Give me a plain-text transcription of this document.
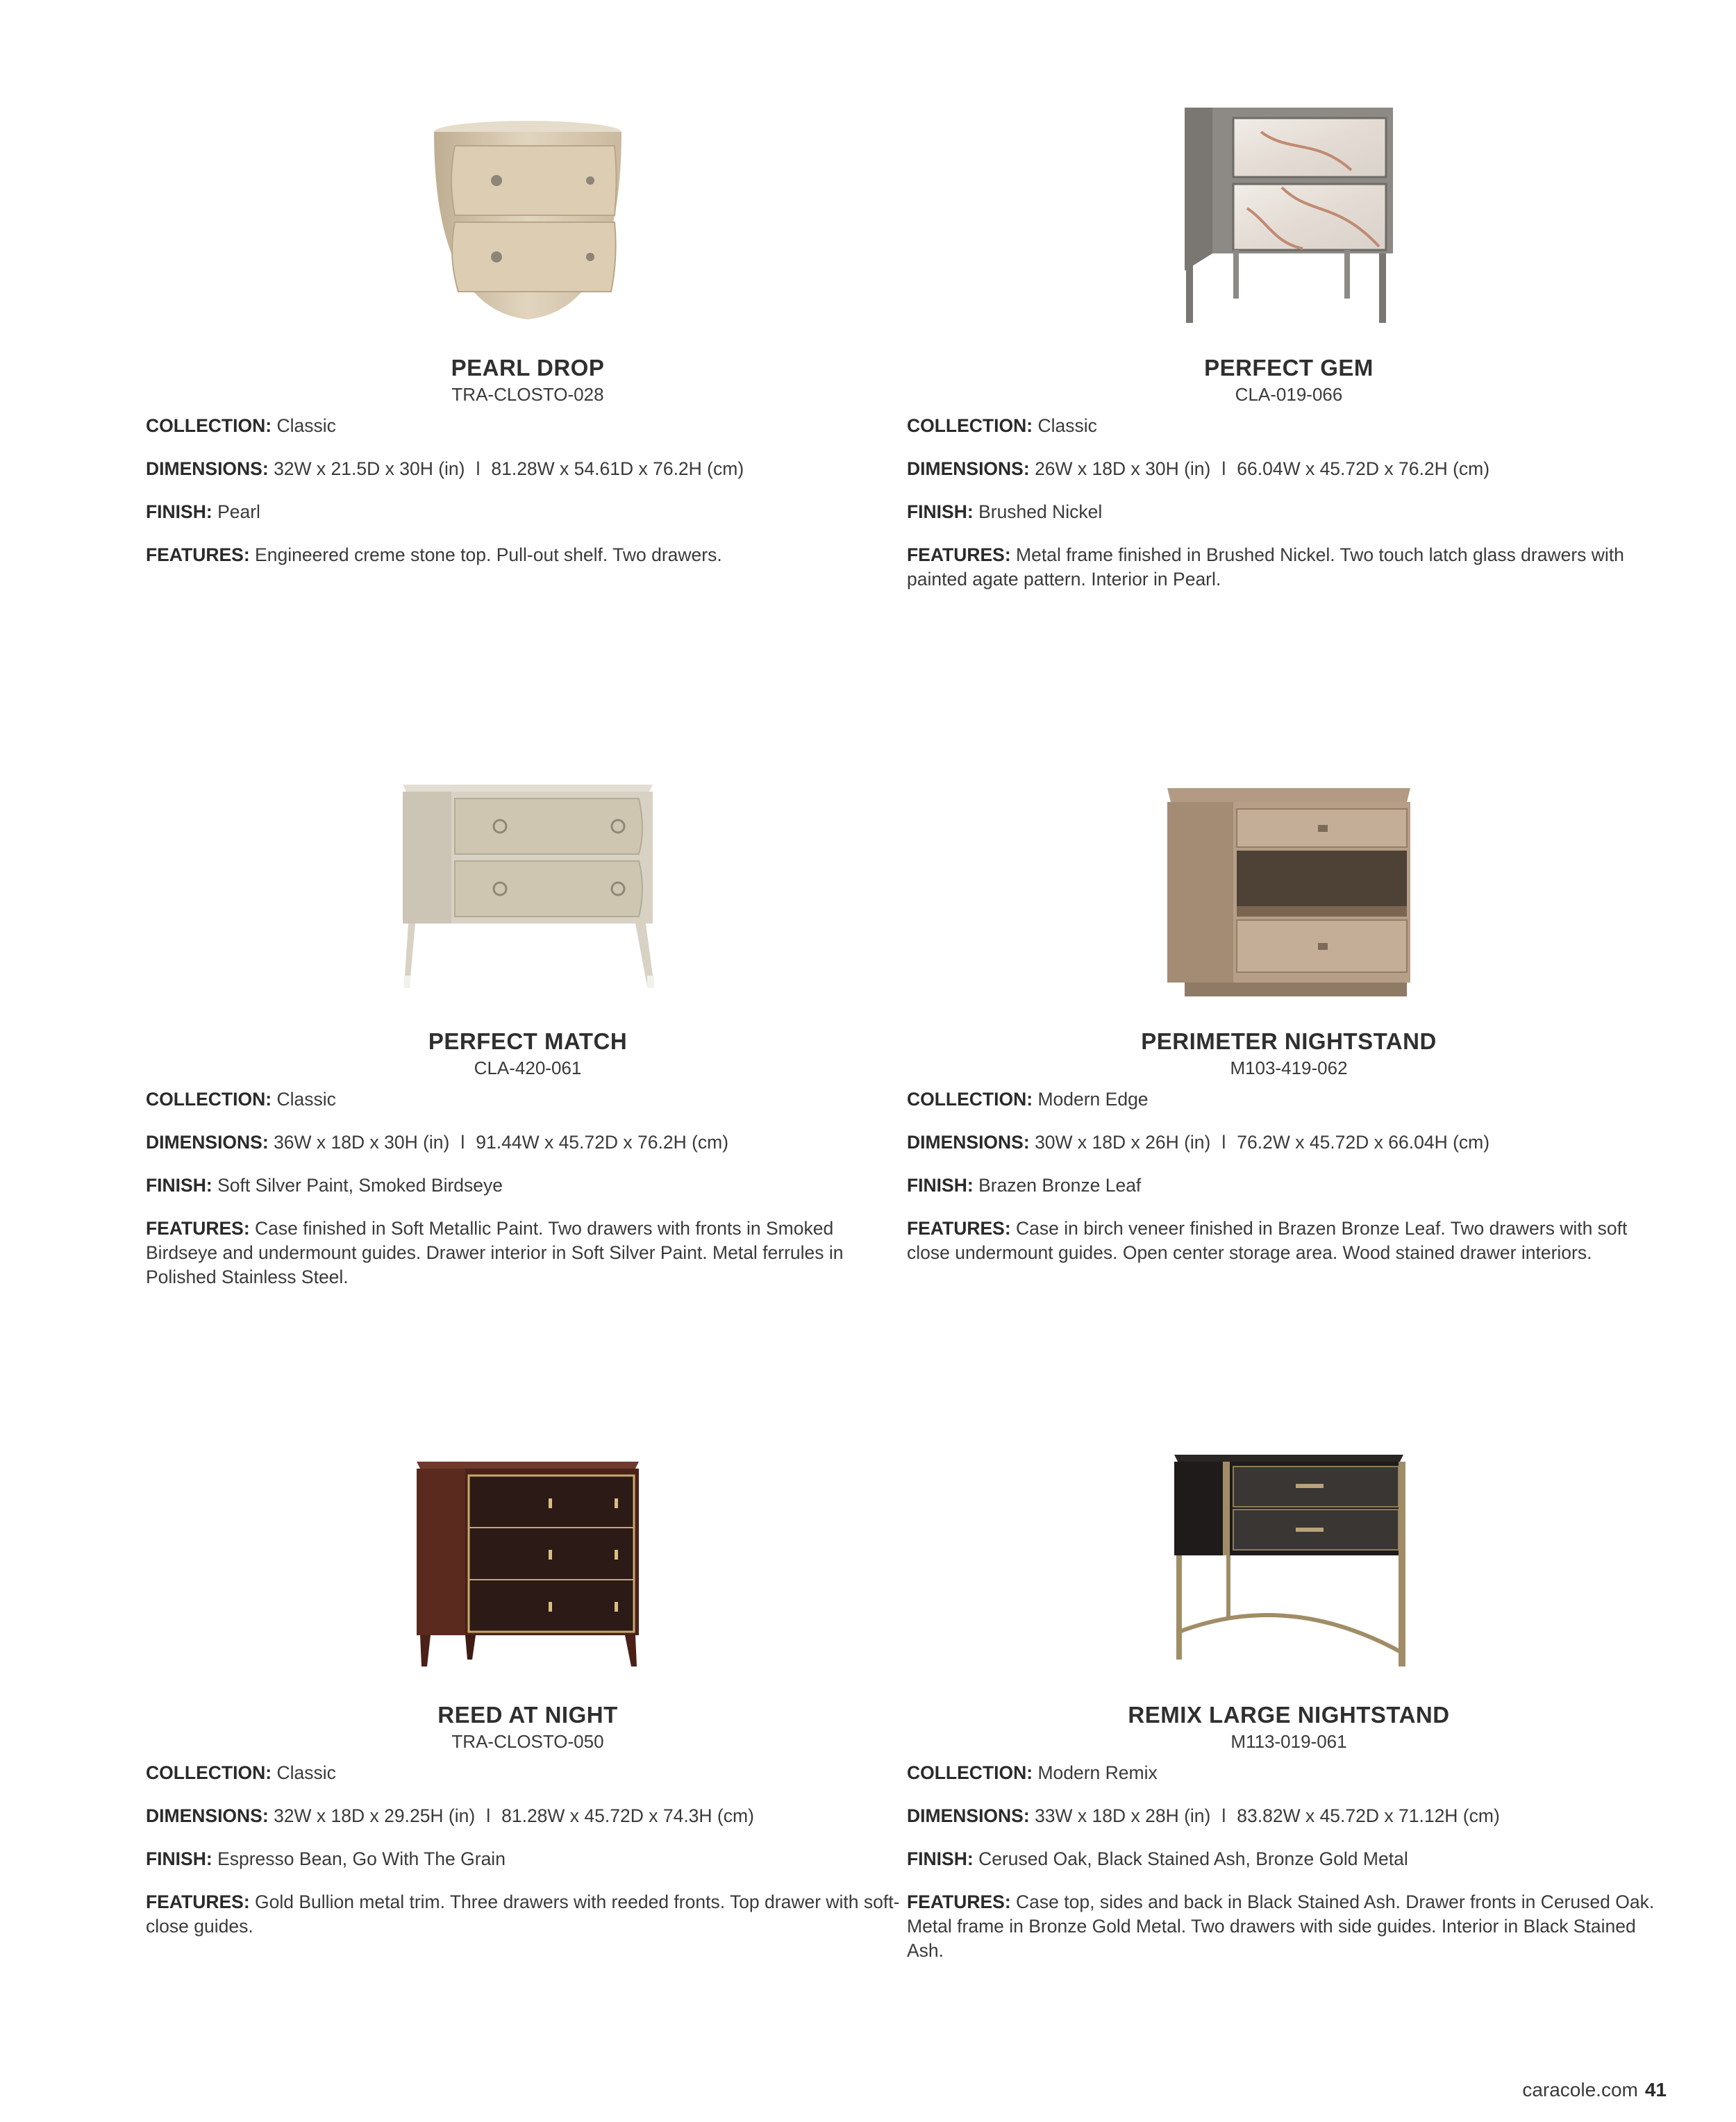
PEARL DROP
TRA-CLOSTO-028

COLLECTION: Classic

DIMENSIONS: 32W x 21.5D x 30H (in) l 81.28W x 54.61D x 76.2H (cm)

FINISH: Pearl

FEATURES: Engineered creme stone top. Pull-out shelf. Two drawers.

PERFECT GEM
CLA-019-066

COLLECTION: Classic

DIMENSIONS: 26W x 18D x 30H (in) l 66.04W x 45.72D x 76.2H (cm)

FINISH: Brushed Nickel

FEATURES: Metal frame finished in Brushed Nickel. Two touch latch glass drawers with painted agate pattern. Interior in Pearl.

PERFECT MATCH
CLA-420-061

COLLECTION: Classic

DIMENSIONS: 36W x 18D x 30H (in) l 91.44W x 45.72D x 76.2H (cm)

FINISH: Soft Silver Paint, Smoked Birdseye

FEATURES: Case finished in Soft Metallic Paint. Two drawers with fronts in Smoked Birdseye and undermount guides. Drawer interior in Soft Silver Paint. Metal ferrules in Polished Stainless Steel.

PERIMETER NIGHTSTAND
M103-419-062

COLLECTION: Modern Edge

DIMENSIONS: 30W x 18D x 26H (in) l 76.2W x 45.72D x 66.04H (cm)

FINISH: Brazen Bronze Leaf

FEATURES: Case in birch veneer finished in Brazen Bronze Leaf. Two drawers with soft close undermount guides. Open center storage area. Wood stained drawer interiors.

REED AT NIGHT
TRA-CLOSTO-050

COLLECTION: Classic

DIMENSIONS: 32W x 18D x 29.25H (in) l 81.28W x 45.72D x 74.3H (cm)

FINISH: Espresso Bean, Go With The Grain

FEATURES: Gold Bullion metal trim. Three drawers with reeded fronts. Top drawer with soft-close guides.

REMIX LARGE NIGHTSTAND
M113-019-061

COLLECTION: Modern Remix

DIMENSIONS: 33W x 18D x 28H (in) l 83.82W x 45.72D x 71.12H (cm)

FINISH: Cerused Oak, Black Stained Ash, Bronze Gold Metal

FEATURES: Case top, sides and back in Black Stained Ash. Drawer fronts in Cerused Oak. Metal frame in Bronze Gold Metal. Two drawers with side guides. Interior in Black Stained Ash.

caracole.com 41
